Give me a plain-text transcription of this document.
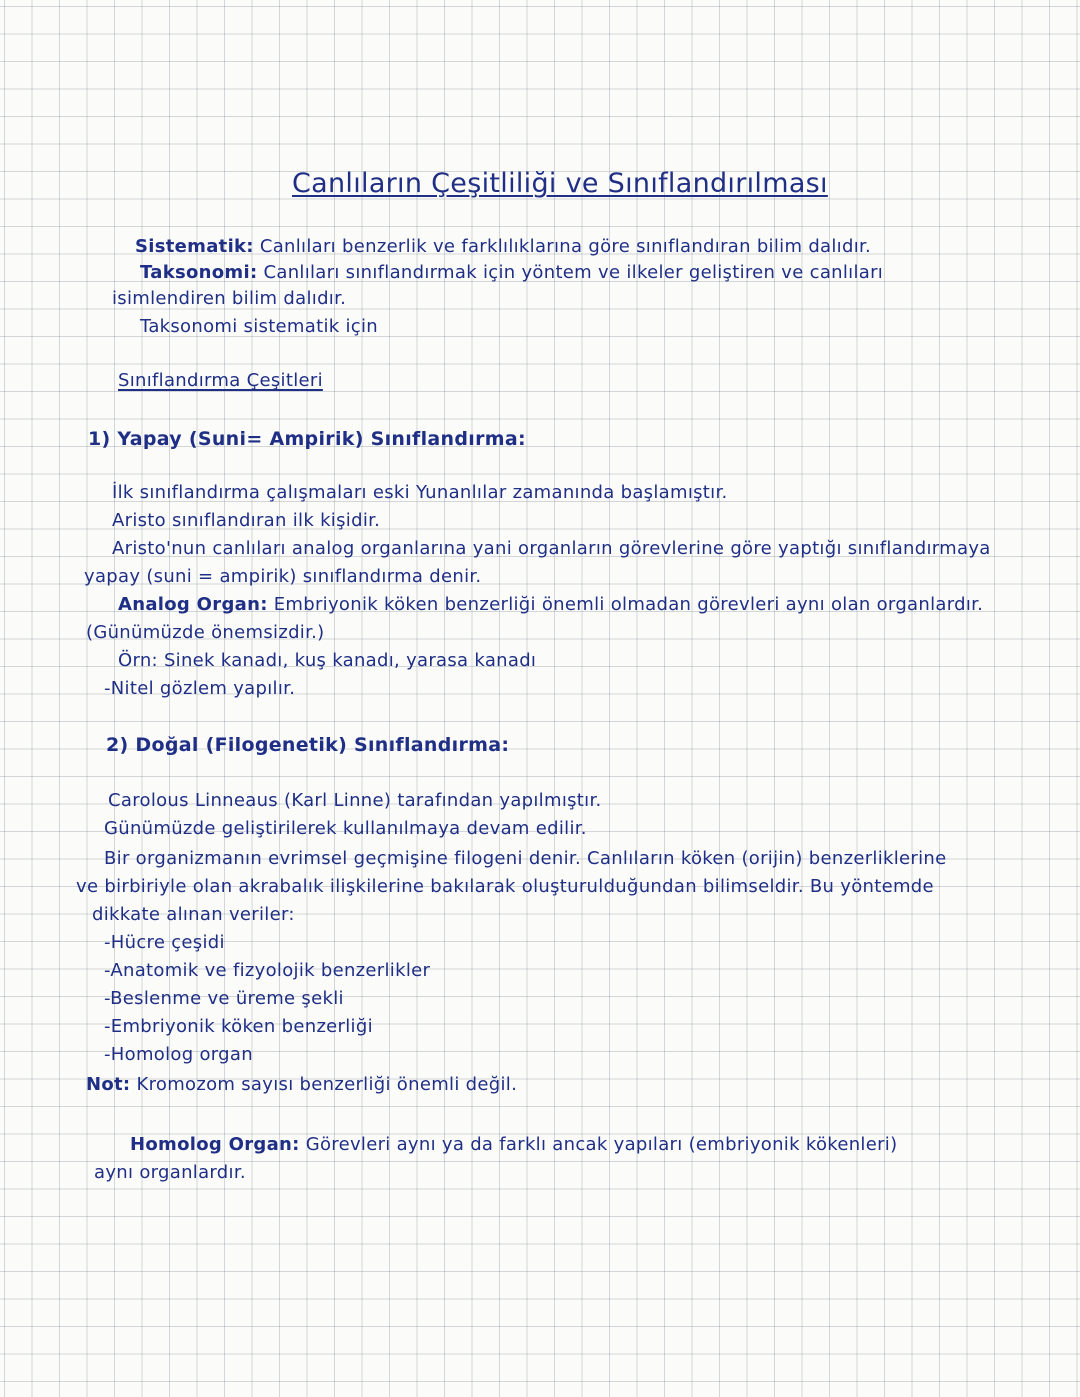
Canlıların Çeşitliliği ve Sınıflandırılması
Sistematik: Canlıları benzerlik ve farklılıklarına göre sınıflandıran bilim dalıdır.
Taksonomi: Canlıları sınıflandırmak için yöntem ve ilkeler geliştiren ve canlıları
isimlendiren bilim dalıdır.
Taksonomi sistematik için
Sınıflandırma Çeşitleri
1) Yapay (Suni= Ampirik) Sınıflandırma:
İlk sınıflandırma çalışmaları eski Yunanlılar zamanında başlamıştır.
Aristo sınıflandıran ilk kişidir.
Aristo'nun canlıları analog organlarına yani organların görevlerine göre yaptığı sınıflandırmaya
yapay (suni = ampirik) sınıflandırma denir.
Analog Organ: Embriyonik köken benzerliği önemli olmadan görevleri aynı olan organlardır.
(Günümüzde önemsizdir.)
Örn: Sinek kanadı, kuş kanadı, yarasa kanadı
-Nitel gözlem yapılır.
2) Doğal (Filogenetik) Sınıflandırma:
Carolous Linneaus (Karl Linne) tarafından yapılmıştır.
Günümüzde geliştirilerek kullanılmaya devam edilir.
Bir organizmanın evrimsel geçmişine filogeni denir. Canlıların köken (orijin) benzerliklerine
ve birbiriyle olan akrabalık ilişkilerine bakılarak oluşturulduğundan bilimseldir. Bu yöntemde
dikkate alınan veriler:
-Hücre çeşidi
-Anatomik ve fizyolojik benzerlikler
-Beslenme ve üreme şekli
-Embriyonik köken benzerliği
-Homolog organ
Not: Kromozom sayısı benzerliği önemli değil.
Homolog Organ: Görevleri aynı ya da farklı ancak yapıları (embriyonik kökenleri)
aynı organlardır.
